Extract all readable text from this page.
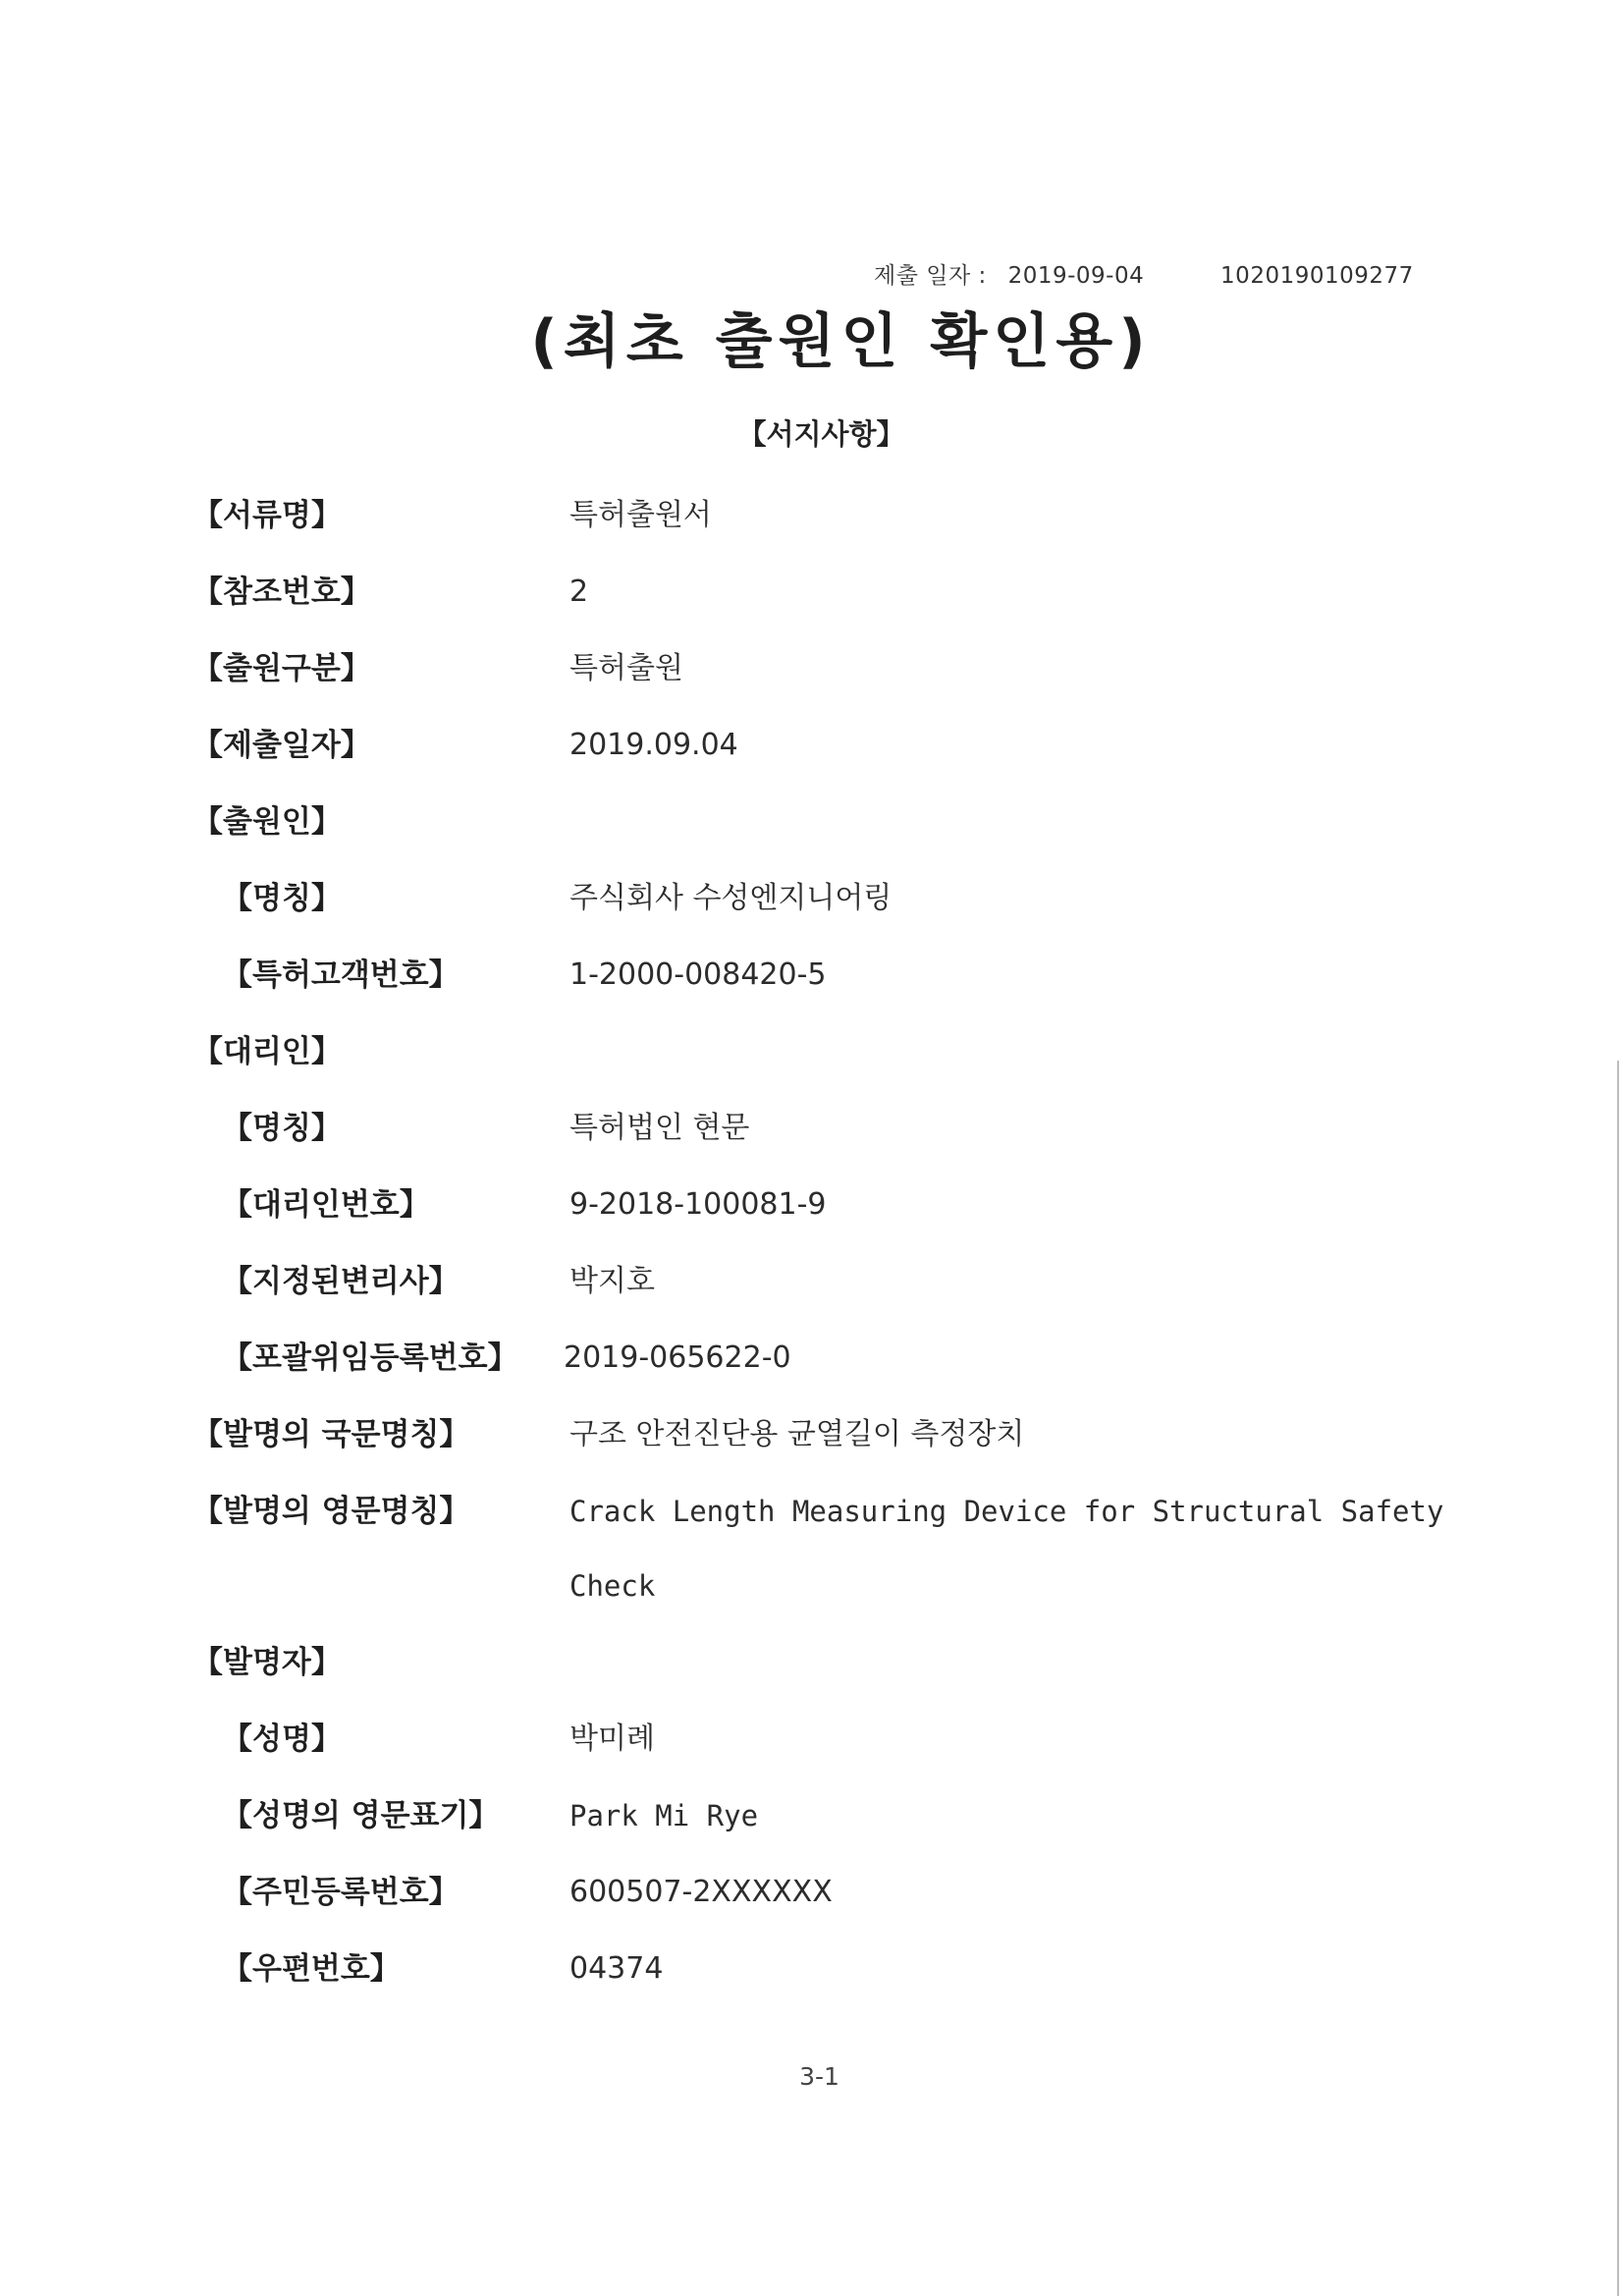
제출 일자 : 2019-09-04	1020190109277
(최초 출원인 확인용)
【서지사항】
【서류명】	특허출원서
【참조번호】	2
【출원구분】	특허출원
【제출일자】	2019.09.04
【출원인】
【명칭】	주식회사 수성엔지니어링
【특허고객번호】	1-2000-008420-5
【대리인】
【명칭】	특허법인 현문
【대리인번호】	9-2018-100081-9
【지정된변리사】	박지호
【포괄위임등록번호】 2019-065622-0
【발명의 국문명칭】	구조 안전진단용 균열길이 측정장치
【발명의 영문명칭】	Crack Length Measuring Device for Structural Safety
Check
【발명자】
【성명】	박미례
【성명의 영문표기】 Park Mi Rye
【주민등록번호】	600507-2XXXXXX
【우편번호】	04374
3-1
